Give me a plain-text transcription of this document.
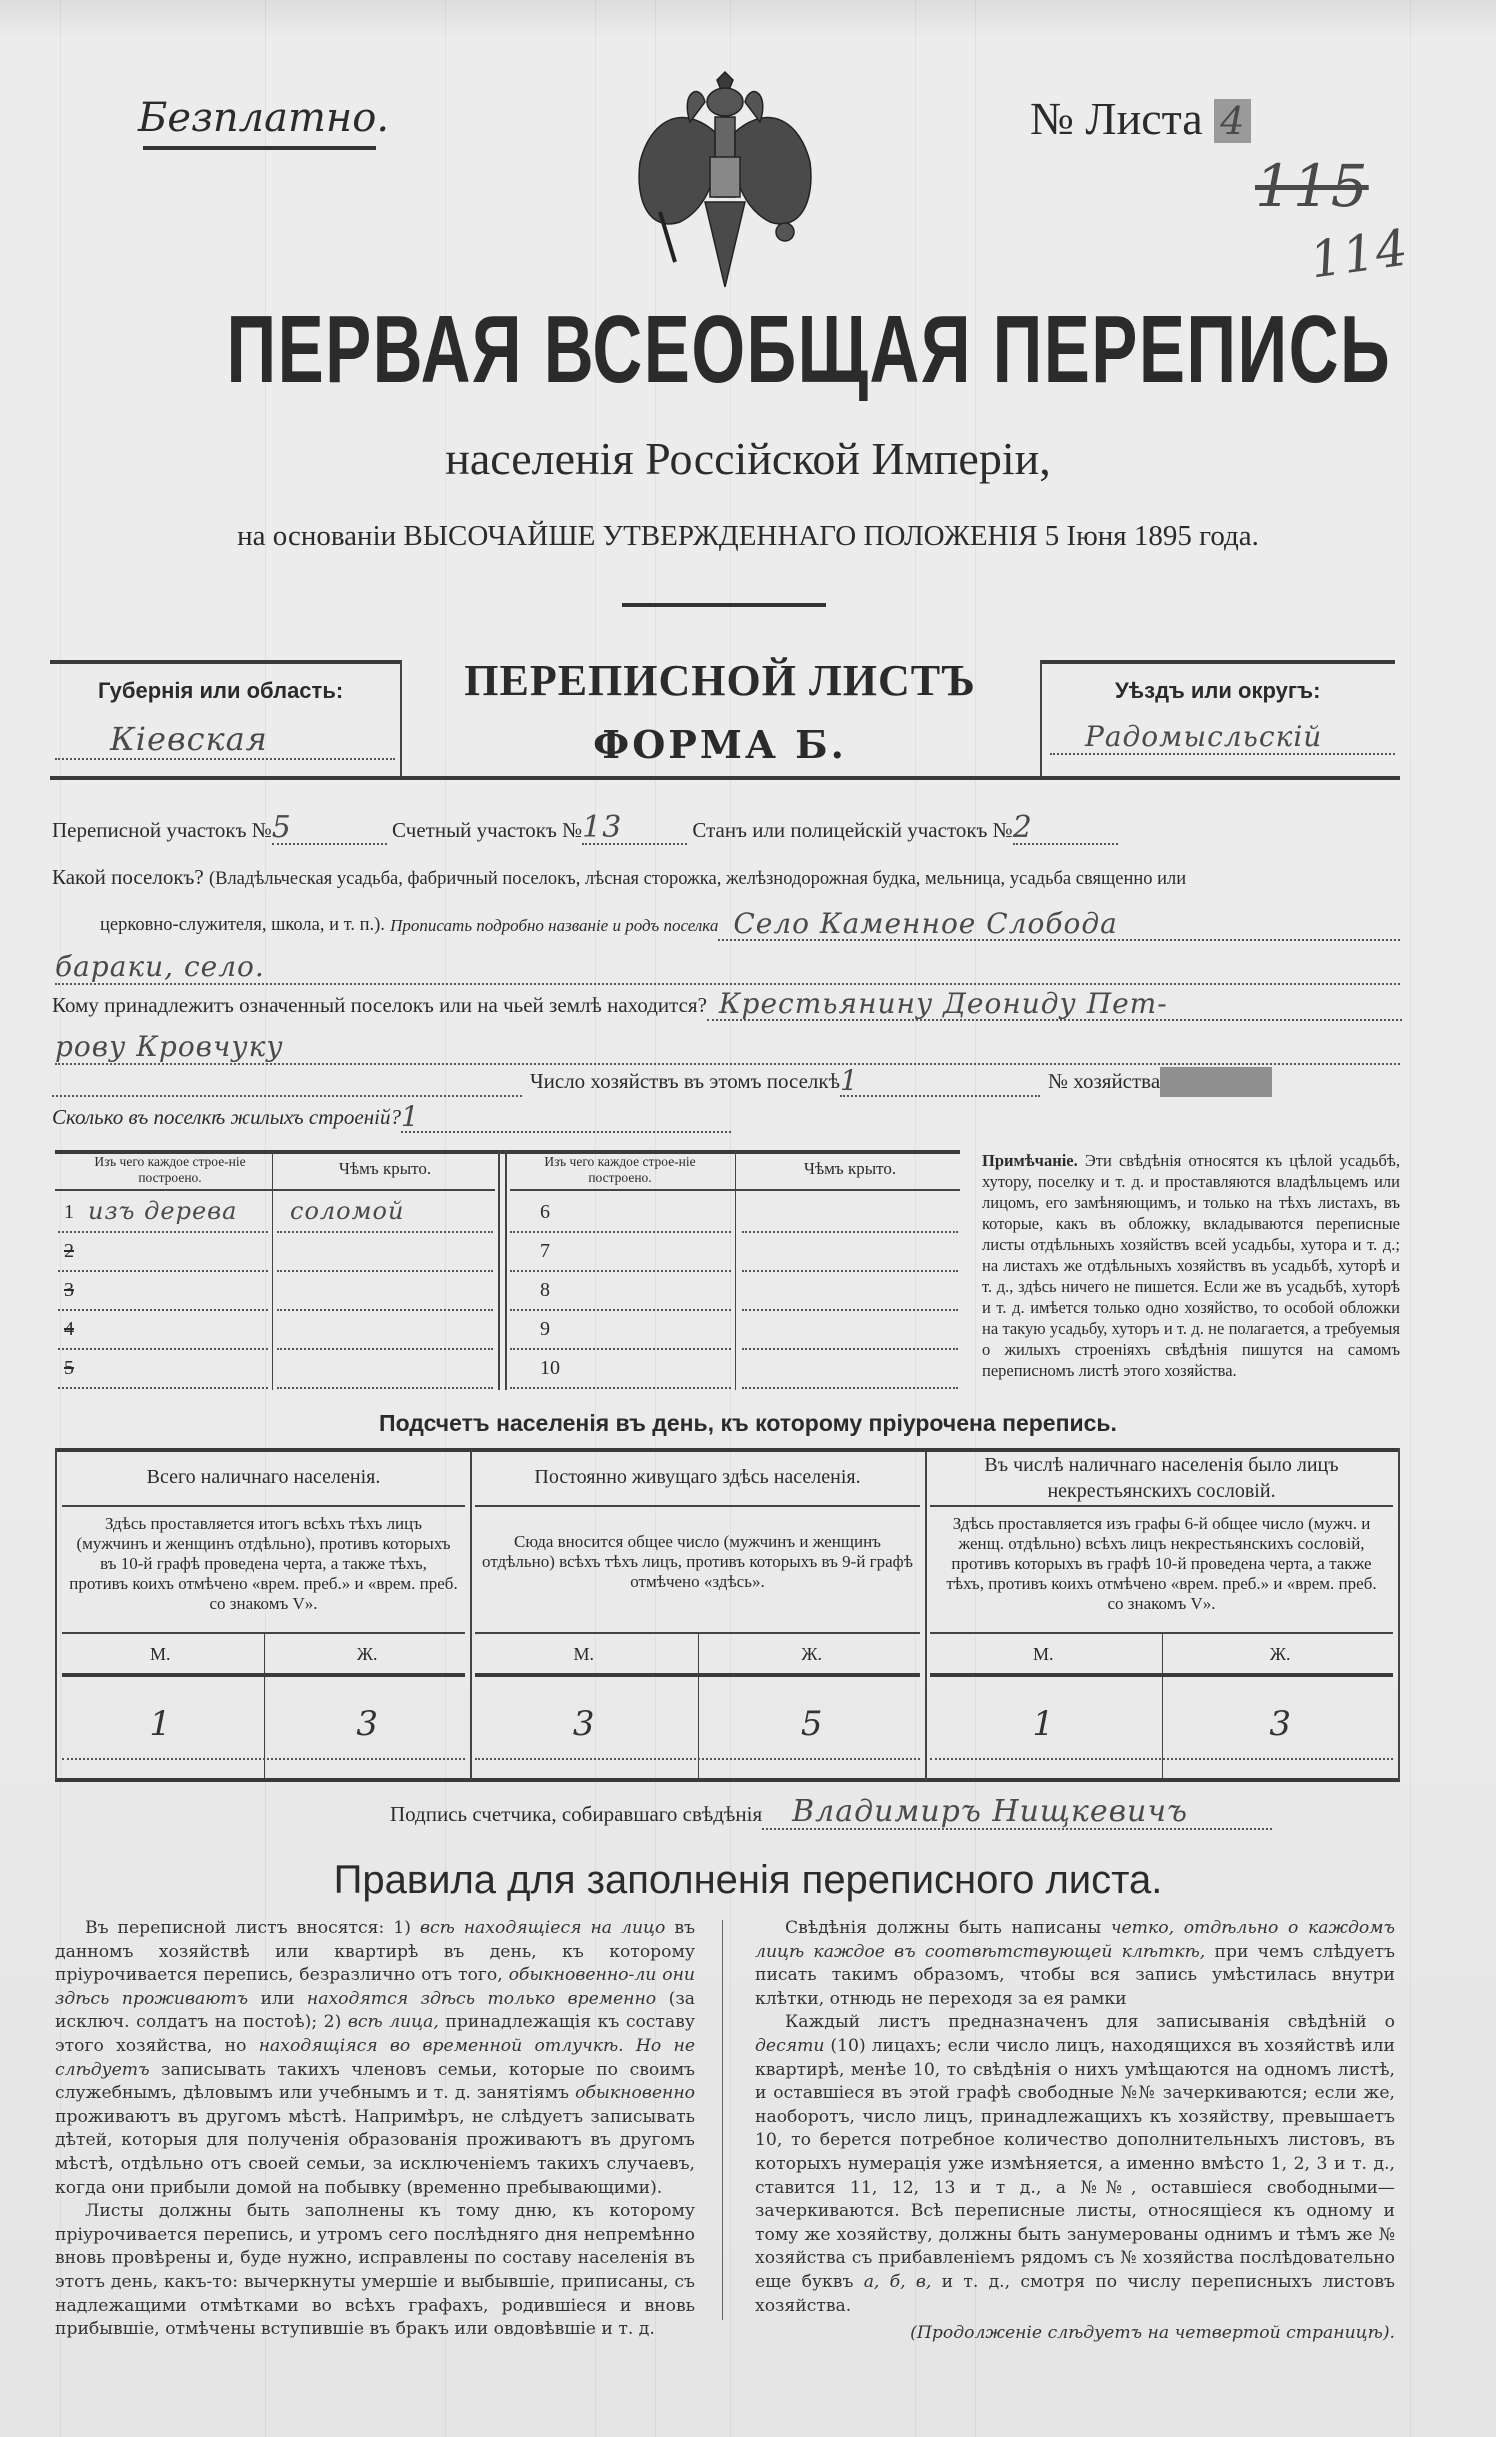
Безплатно.	№ Листа 4
115
114
ПЕРВАЯ ВСЕОБЩАЯ ПЕРЕПИСЬ
населенія Россійской Имперіи,
на основаніи ВЫСОЧАЙШЕ УТВЕРЖДЕННАГО ПОЛОЖЕНІЯ 5 Іюня 1895 года.
Губернія или область:
Кіевская
ПЕРЕПИСНОЙ ЛИСТЪ
ФОРМА Б.
Уѣздъ или округъ:
Радомысльскій
Переписной участокъ №5	Счетный участокъ №13	Станъ или полицейскій участокъ №2
Какой поселокъ? (Владѣльческая усадьба, фабричный поселокъ, лѣсная сторожка, желѣзнодорожная будка, мельница, усадьба священно или
церковно-служителя, школа, и т. п.).
Прописать подробно названіе и родъ поселка Село Каменное Слобода
бараки, село.
Кому принадлежитъ означенный поселокъ или на чьей землѣ находится? Крестьянину Деониду Пет-
рову Кровчуку
Число хозяйствъ въ этомъ поселкѣ 1	№ хозяйства
Сколько въ поселкѣ жилыхъ строеній? 1
Изъ чего каждое строе-ніе построено.	Чѣмъ крыто.	Изъ чего каждое строе-ніе построено.	Чѣмъ крыто.
1 изъ дерева соломой
2
3
4
5
6
7
8
9
10
Примѣчаніе. Эти свѣдѣнія относятся къ цѣлой усадьбѣ, хутору, поселку и т. д. и проставляются владѣльцемъ или лицомъ, его замѣняющимъ, и только на тѣхъ листахъ, въ которые, какъ въ обложку, вкладываются переписные листы отдѣльныхъ хозяйствъ всей усадьбы, хутора и т. д.; на листахъ же отдѣльныхъ хозяйствъ въ усадьбѣ, хуторѣ и т. д., здѣсь ничего не пишется. Если же въ усадьбѣ, хуторѣ и т. д. имѣется только одно хозяйство, то особой обложки на такую усадьбу, хуторъ и т. д. не полагается, а требуемыя о жилыхъ строеніяхъ свѣдѣнія пишутся на самомъ переписномъ листѣ этого хозяйства.
Подсчетъ населенія въ день, къ которому пріурочена перепись.
Всего наличнаго населенія.
Здѣсь проставляется итогъ всѣхъ тѣхъ лицъ (мужчинъ и женщинъ отдѣльно), противъ которыхъ въ 10-й графѣ проведена черта, а также тѣхъ, противъ коихъ отмѣчено «врем. преб.» и «врем. преб. со знакомъ V».
М.	Ж.
1	3
Постоянно живущаго здѣсь населенія.
Сюда вносится общее число (мужчинъ и женщинъ отдѣльно) всѣхъ тѣхъ лицъ, противъ которыхъ въ 9-й графѣ отмѣчено «здѣсь».
М.	Ж.
3	5
Въ числѣ наличнаго населенія было лицъ некрестьянскихъ сословій.
Здѣсь проставляется изъ графы 6-й общее число (мужч. и женщ. отдѣльно) всѣхъ лицъ некрестьянскихъ сословій, противъ которыхъ въ графѣ 10-й проведена черта, а также тѣхъ, противъ коихъ отмѣчено «врем. преб.» и «врем. преб. со знакомъ V».
М.	Ж.
1	3
Подпись счетчика, собиравшаго свѣдѣнія	Владимиръ Нищкевичъ
Правила для заполненія переписного листа.

Въ переписной листъ вносятся: 1) всѣ находящіеся на лицо въ данномъ хозяйствѣ или квартирѣ въ день, къ которому пріурочивается перепись, безразлично отъ того, обыкновенно-ли они здѣсь проживаютъ или находятся здѣсь только временно (за исключ. солдатъ на постоѣ); 2) всѣ лица, принадлежащія къ составу этого хозяйства, но находящіяся во временной отлучкѣ. Но не слѣдуетъ записывать такихъ членовъ семьи, которые по своимъ служебнымъ, дѣловымъ или учебнымъ и т. д. занятіямъ обыкновенно проживаютъ въ другомъ мѣстѣ. Напримѣръ, не слѣдуетъ записывать дѣтей, которыя для полученія образованія проживаютъ въ другомъ мѣстѣ, отдѣльно отъ своей семьи, за исключеніемъ такихъ случаевъ, когда они прибыли домой на побывку (временно пребывающими).

Листы должны быть заполнены къ тому дню, къ которому пріурочивается перепись, и утромъ сего послѣдняго дня непремѣнно вновь провѣрены и, буде нужно, исправлены по составу населенія въ этотъ день, какъ-то: вычеркнуты умершіе и выбывшіе, приписаны, съ надлежащими отмѣтками во всѣхъ графахъ, родившіеся и вновь прибывшіе, отмѣчены вступившіе въ бракъ или овдовѣвшіе и т. д.

Свѣдѣнія должны быть написаны четко, отдѣльно о каждомъ лицѣ каждое въ соотвѣтствующей клѣткѣ, при чемъ слѣдуетъ писать такимъ образомъ, чтобы вся запись умѣстилась внутри клѣтки, отнюдь не переходя за ея рамки

Каждый листъ предназначенъ для записыванія свѣдѣній о десяти (10) лицахъ; если число лицъ, находящихся въ хозяйствѣ или квартирѣ, менѣе 10, то свѣдѣнія о нихъ умѣщаются на одномъ листѣ, и оставшіеся въ этой графѣ свободные №№ зачеркиваются; если же, наоборотъ, число лицъ, принадлежащихъ къ хозяйству, превышаетъ 10, то берется потребное количество дополнительныхъ листовъ, въ которыхъ нумерація уже измѣняется, а именно вмѣсто 1, 2, 3 и т. д., ставится 11, 12, 13 и т д., а №№, оставшіеся свободными—зачеркиваются. Всѣ переписные листы, относящіеся къ одному и тому же хозяйству, должны быть занумерованы однимъ и тѣмъ же № хозяйства съ прибавленіемъ рядомъ съ № хозяйства послѣдовательно еще буквъ а, б, в, и т. д., смотря по числу переписныхъ листовъ хозяйства.

(Продолженіе слѣдуетъ на четвертой страницѣ).
